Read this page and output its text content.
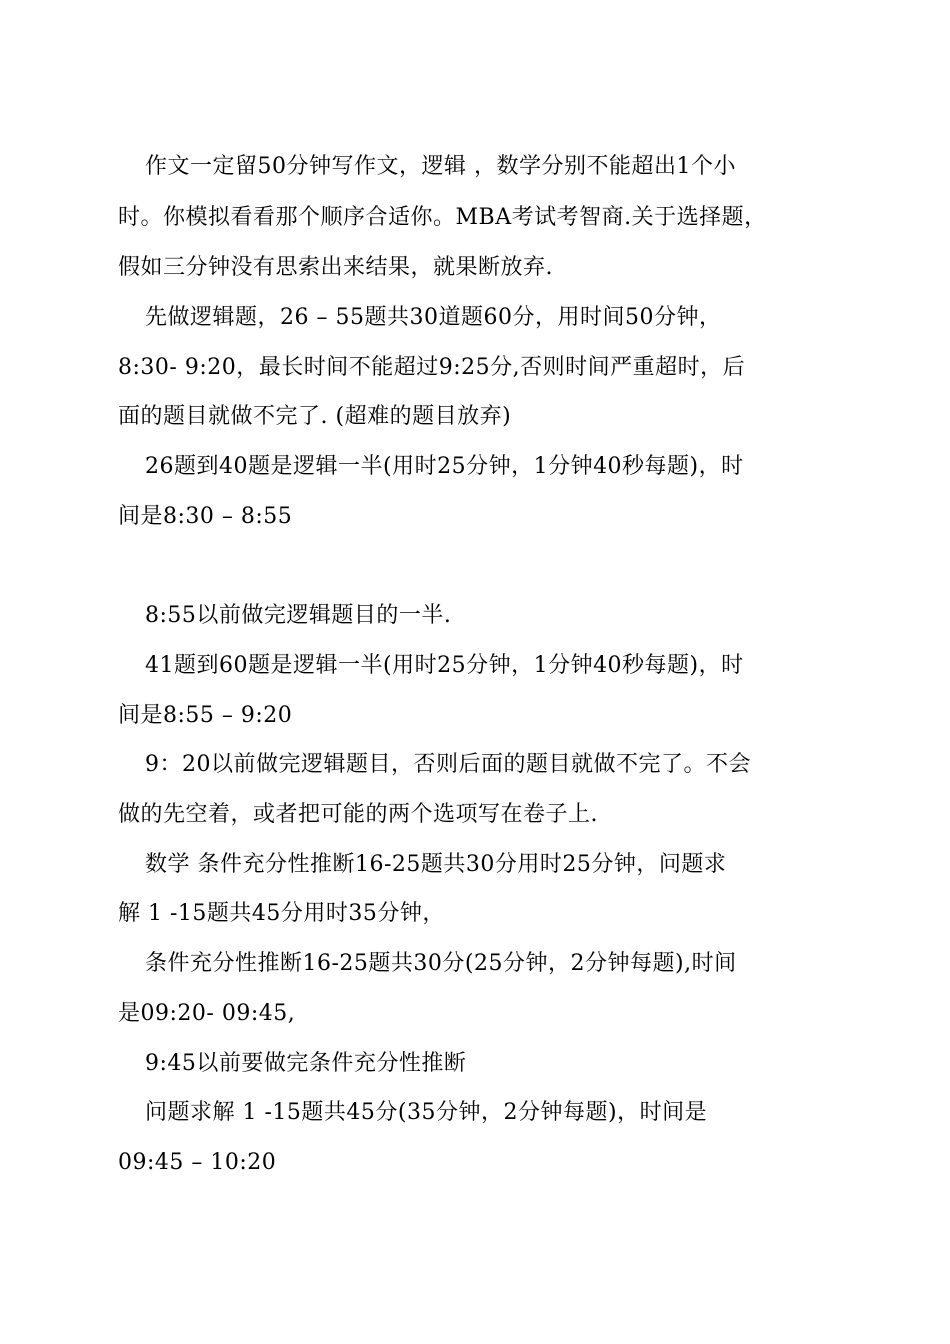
作文一定留50分钟写作文，逻辑 ，数学分别不能超出1个小
时。你模拟看看那个顺序合适你。MBA考试考智商.关于选择题，
假如三分钟没有思索出来结果，就果断放弃.
先做逻辑题，26 – 55题共30道题60分，用时间50分钟，
8:30- 9:20，最长时间不能超过9:25分,否则时间严重超时，后
面的题目就做不完了. (超难的题目放弃)
26题到40题是逻辑一半(用时25分钟，1分钟40秒每题)，时
间是8:30 – 8:55
8:55以前做完逻辑题目的一半.
41题到60题是逻辑一半(用时25分钟，1分钟40秒每题)，时
间是8:55 – 9:20
9：20以前做完逻辑题目，否则后面的题目就做不完了。不会
做的先空着，或者把可能的两个选项写在卷子上.
数学 条件充分性推断16-25题共30分用时25分钟，问题求
解 1 -15题共45分用时35分钟，
条件充分性推断16-25题共30分(25分钟，2分钟每题),时间
是09:20- 09:45,
9:45以前要做完条件充分性推断
问题求解 1 -15题共45分(35分钟，2分钟每题)，时间是
09:45 – 10:20
